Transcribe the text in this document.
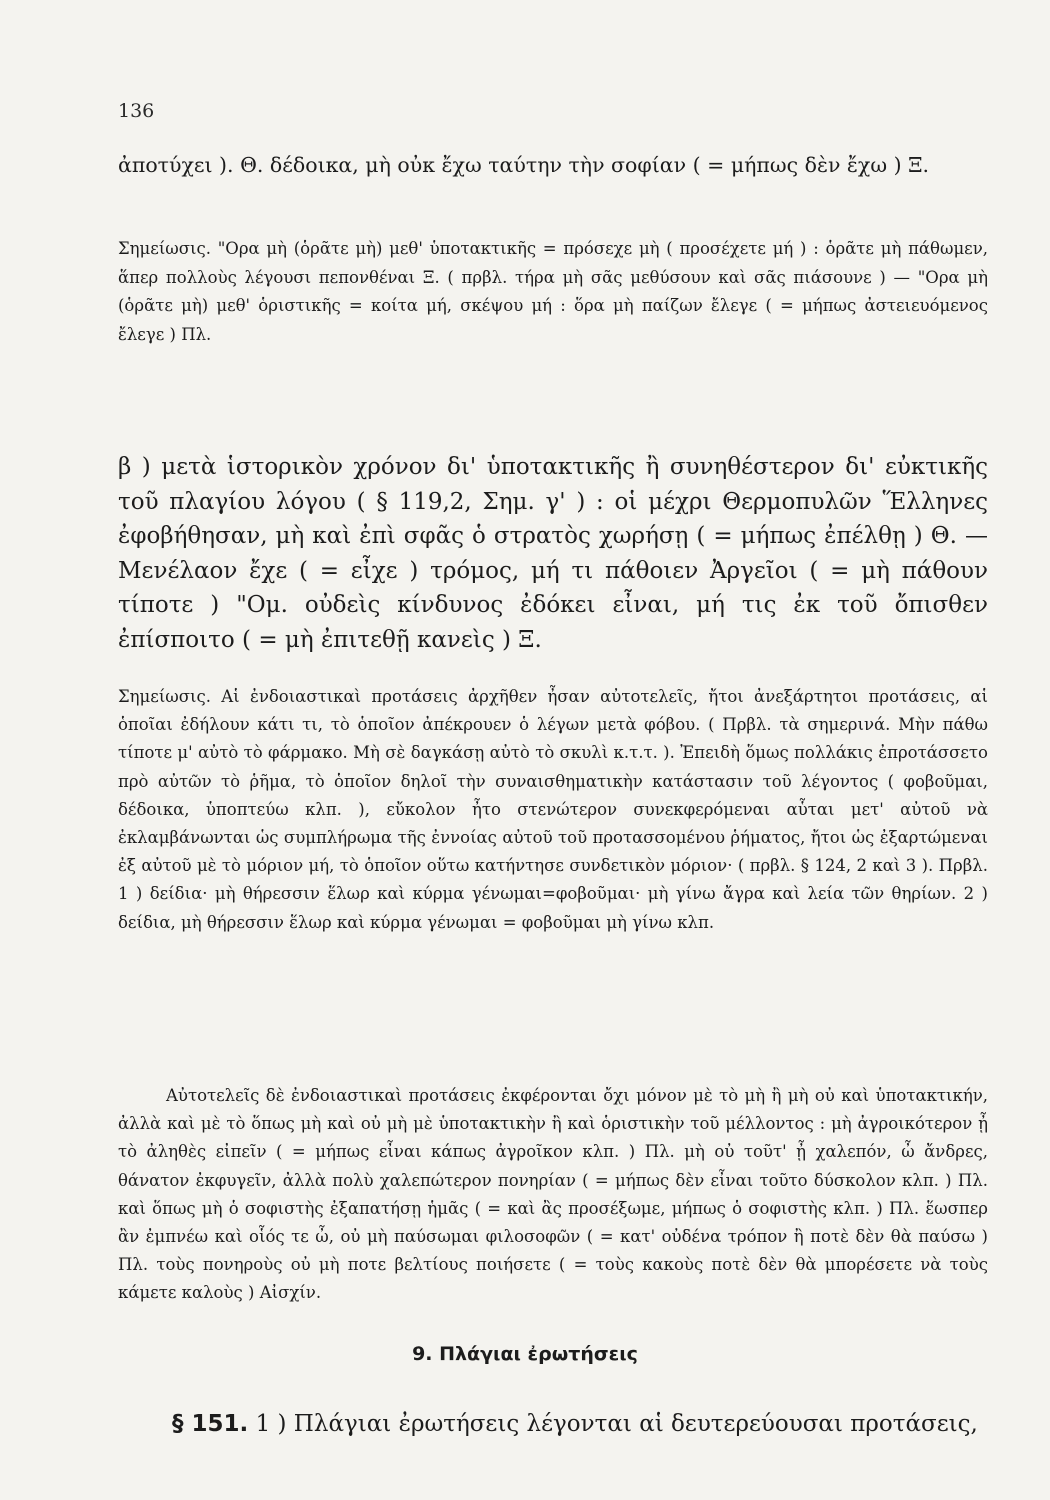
136

ἀποτύχει ). Θ. δέδοικα, μὴ οὐκ ἔχω ταύτην τὴν σοφίαν ( = μήπως δὲν ἔχω ) Ξ.

Σημείωσις. "Ορα μὴ (ὁρᾶτε μὴ) μεθ' ὑποτακτικῆς = πρόσεχε μὴ ( προσέχετε μή ) : ὁρᾶτε μὴ πάθωμεν, ἅπερ πολλοὺς λέγουσι πεπονθέναι Ξ. ( πρβλ. τήρα μὴ σᾶς μεθύσουν καὶ σᾶς πιάσουνε ) — "Ορα μὴ (ὁρᾶτε μὴ) μεθ' ὁριστικῆς = κοίτα μή, σκέψου μή : ὅρα μὴ παίζων ἔλεγε ( = μήπως ἀστειευόμενος ἔλεγε ) Πλ.

β ) μετὰ ἱστορικὸν χρόνον δι' ὑποτακτικῆς ἢ συνηθέστερον δι' εὐκτικῆς τοῦ πλαγίου λόγου ( § 119,2, Σημ. γ' ) : οἱ μέχρι Θερμοπυλῶν Ἕλληνες ἐφοβήθησαν, μὴ καὶ ἐπὶ σφᾶς ὁ στρατὸς χωρήσῃ ( = μήπως ἐπέλθῃ ) Θ. — Μενέλαον ἔχε ( = εἶχε ) τρόμος, μή τι πάθοιεν Ἀργεῖοι ( = μὴ πάθουν τίποτε ) "Ομ. οὐδεὶς κίνδυνος ἐδόκει εἶναι, μή τις ἐκ τοῦ ὄπισθεν ἐπίσποιτο ( = μὴ ἐπιτεθῇ κανεὶς ) Ξ.

Σημείωσις. Αἱ ἐνδοιαστικαὶ προτάσεις ἀρχῆθεν ἦσαν αὐτοτελεῖς, ἤτοι ἀνεξάρτητοι προτάσεις, αἱ ὁποῖαι ἐδήλουν κάτι τι, τὸ ὁποῖον ἀπέκρουεν ὁ λέγων μετὰ φόβου. ( Πρβλ. τὰ σημερινά. Μὴν πάθω τίποτε μ' αὐτὸ τὸ φάρμακο. Μὴ σὲ δαγκάσῃ αὐτὸ τὸ σκυλὶ κ.τ.τ. ). Ἐπειδὴ ὅμως πολλάκις ἐπροτάσσετο πρὸ αὐτῶν τὸ ῥῆμα, τὸ ὁποῖον δηλοῖ τὴν συναισθηματικὴν κατάστασιν τοῦ λέγοντος ( φοβοῦμαι, δέδοικα, ὑποπτεύω κλπ. ), εὔκολον ἦτο στενώτερον συνεκφερόμεναι αὗται μετ' αὐτοῦ νὰ ἐκλαμβάνωνται ὡς συμπλήρωμα τῆς ἐννοίας αὐτοῦ τοῦ προτασσομένου ῥήματος, ἤτοι ὡς ἐξαρτώμεναι ἐξ αὐτοῦ μὲ τὸ μόριον μή, τὸ ὁποῖον οὕτω κατήντησε συνδετικὸν μόριον· ( πρβλ. § 124, 2 καὶ 3 ). Πρβλ. 1 ) δείδια· μὴ θήρεσσιν ἕλωρ καὶ κύρμα γένωμαι=φοβοῦμαι· μὴ γίνω ἄγρα καὶ λεία τῶν θηρίων. 2 ) δείδια, μὴ θήρεσσιν ἕλωρ καὶ κύρμα γένωμαι = φοβοῦμαι μὴ γίνω κλπ.

Αὐτοτελεῖς δὲ ἐνδοιαστικαὶ προτάσεις ἐκφέρονται ὄχι μόνον μὲ τὸ μὴ ἢ μὴ οὐ καὶ ὑποτακτικήν, ἀλλὰ καὶ μὲ τὸ ὅπως μὴ καὶ οὐ μὴ μὲ ὑποτακτικὴν ἢ καὶ ὁριστικὴν τοῦ μέλλοντος : μὴ ἀγροικότερον ᾖ τὸ ἀληθὲς εἰπεῖν ( = μήπως εἶναι κάπως ἀγροῖκον κλπ. ) Πλ. μὴ οὐ τοῦτ' ᾖ χαλεπόν, ὦ ἄνδρες, θάνατον ἐκφυγεῖν, ἀλλὰ πολὺ χαλεπώτερον πονηρίαν ( = μήπως δὲν εἶναι τοῦτο δύσκολον κλπ. ) Πλ. καὶ ὅπως μὴ ὁ σοφιστὴς ἐξαπατήσῃ ἡμᾶς ( = καὶ ἂς προσέξωμε, μήπως ὁ σοφιστὴς κλπ. ) Πλ. ἕωσπερ ἂν ἐμπνέω καὶ οἷός τε ὦ, οὐ μὴ παύσωμαι φιλοσοφῶν ( = κατ' οὐδένα τρόπον ἢ ποτὲ δὲν θὰ παύσω ) Πλ. τοὺς πονηροὺς οὐ μὴ ποτε βελτίους ποιήσετε ( = τοὺς κακοὺς ποτὲ δὲν θὰ μπορέσετε νὰ τοὺς κάμετε καλοὺς ) Αἰσχίν.

9. Πλάγιαι ἐρωτήσεις
§ 151. 1 ) Πλάγιαι ἐρωτήσεις λέγονται αἱ δευτερεύουσαι προτάσεις,
